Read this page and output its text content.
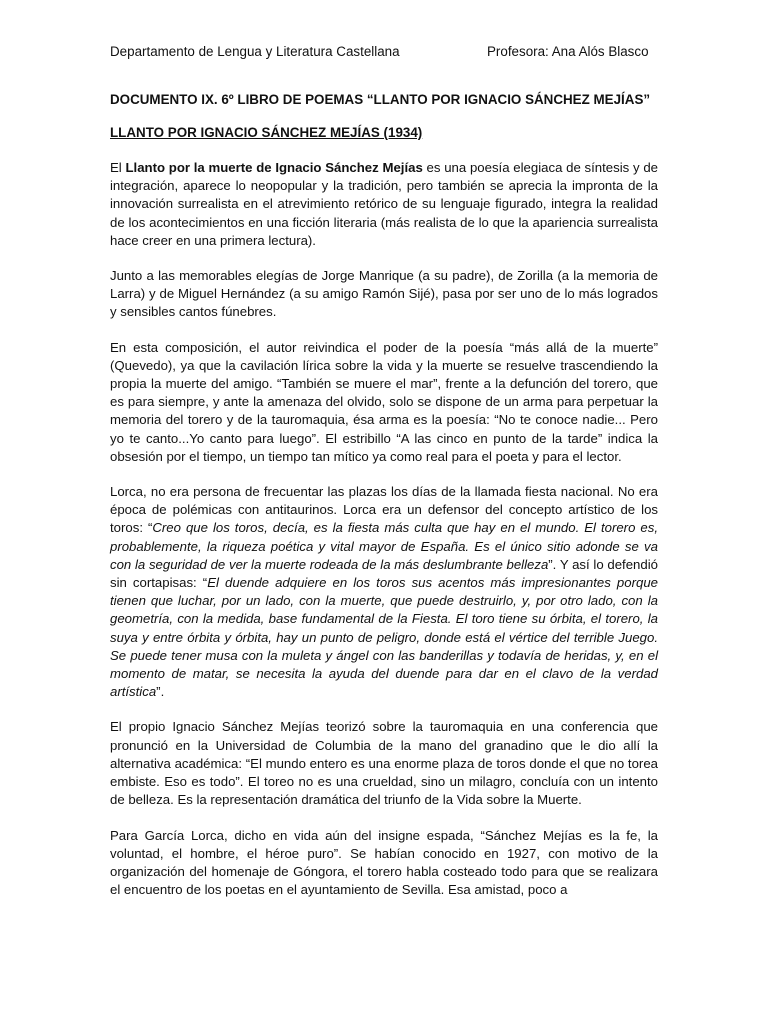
Departamento de Lengua y Literatura Castellana	Profesora: Ana Alós Blasco
DOCUMENTO IX. 6º LIBRO DE POEMAS “LLANTO POR IGNACIO SÁNCHEZ MEJÍAS”
LLANTO POR IGNACIO SÁNCHEZ MEJÍAS (1934)

El Llanto por la muerte de Ignacio Sánchez Mejías es una poesía elegiaca de síntesis y de integración, aparece lo neopopular y la tradición, pero también se aprecia la impronta de la innovación surrealista en el atrevimiento retórico de su lenguaje figurado, integra la realidad de los acontecimientos en una ficción literaria (más realista de lo que la apariencia surrealista hace creer en una primera lectura).

Junto a las memorables elegías de Jorge Manrique (a su padre), de Zorilla (a la memoria de Larra) y de Miguel Hernández (a su amigo Ramón Sijé), pasa por ser uno de lo más logrados y sensibles cantos fúnebres.

En esta composición, el autor reivindica el poder de la poesía “más allá de la muerte” (Quevedo), ya que la cavilación lírica sobre la vida y la muerte se resuelve trascendiendo la propia la muerte del amigo. “También se muere el mar”, frente a la defunción del torero, que es para siempre, y ante la amenaza del olvido, solo se dispone de un arma para perpetuar la memoria del torero y de la tauromaquia, ésa arma es la poesía: “No te conoce nadie... Pero yo te canto...Yo canto para luego”. El estribillo “A las cinco en punto de la tarde” indica la obsesión por el tiempo, un tiempo tan mítico ya como real para el poeta y para el lector.

Lorca, no era persona de frecuentar las plazas los días de la llamada fiesta nacional. No era época de polémicas con antitaurinos. Lorca era un defensor del concepto artístico de los toros: “Creo que los toros, decía, es la fiesta más culta que hay en el mundo. El torero es, probablemente, la riqueza poética y vital mayor de España. Es el único sitio adonde se va con la seguridad de ver la muerte rodeada de la más deslumbrante belleza”. Y así lo defendió sin cortapisas: “El duende adquiere en los toros sus acentos más impresionantes porque tienen que luchar, por un lado, con la muerte, que puede destruirlo, y, por otro lado, con la geometría, con la medida, base fundamental de la Fiesta. El toro tiene su órbita, el torero, la suya y entre órbita y órbita, hay un punto de peligro, donde está el vértice del terrible Juego. Se puede tener musa con la muleta y ángel con las banderillas y todavía de heridas, y, en el momento de matar, se necesita la ayuda del duende para dar en el clavo de la verdad artística”.

El propio Ignacio Sánchez Mejías teorizó sobre la tauromaquia en una conferencia que pronunció en la Universidad de Columbia de la mano del granadino que le dio allí la alternativa académica: “El mundo entero es una enorme plaza de toros donde el que no torea embiste. Eso es todo”. El toreo no es una crueldad, sino un milagro, concluía con un intento de belleza. Es la representación dramática del triunfo de la Vida sobre la Muerte.

Para García Lorca, dicho en vida aún del insigne espada, “Sánchez Mejías es la fe, la voluntad, el hombre, el héroe puro”. Se habían conocido en 1927, con motivo de la organización del homenaje de Góngora, el torero habla costeado todo para que se realizara el encuentro de los poetas en el ayuntamiento de Sevilla. Esa amistad, poco a
